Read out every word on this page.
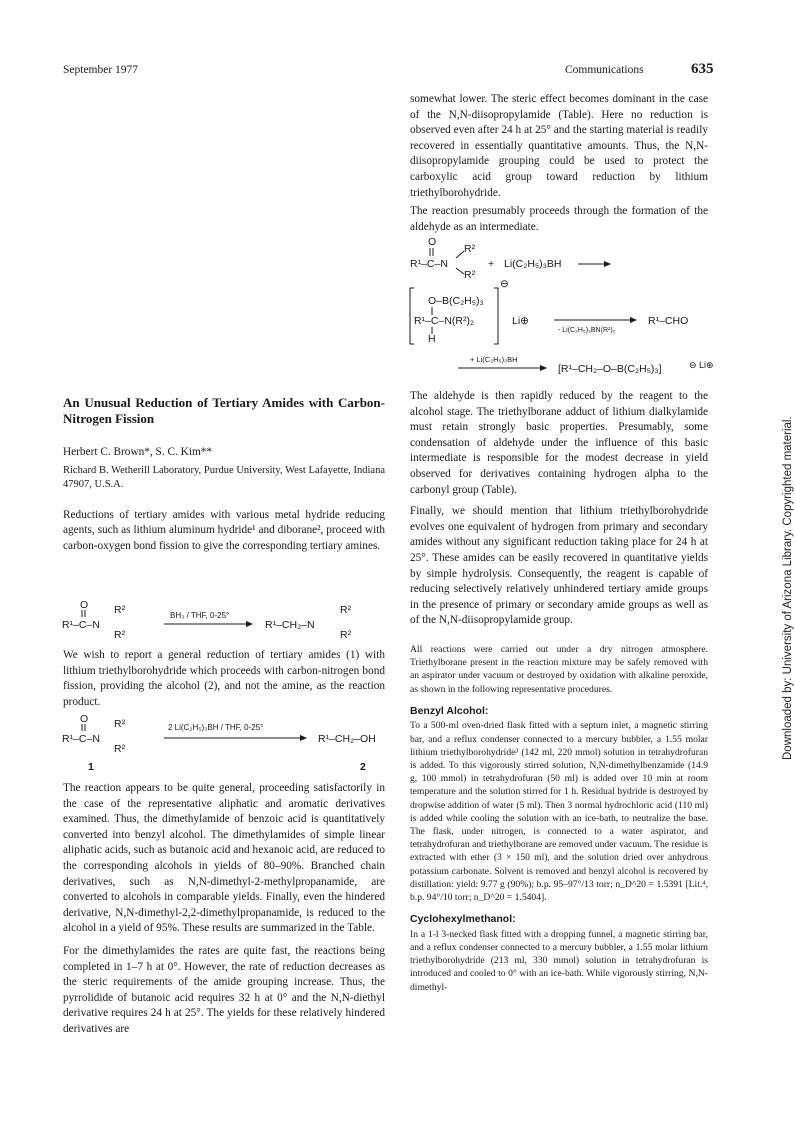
September 1977	Communications	635
Downloaded by: University of Arizona Library. Copyrighted material.

somewhat lower. The steric effect becomes dominant in the case of the N,N-diisopropylamide (Table). Here no reduction is observed even after 24 h at 25° and the starting material is readily recovered in essentially quantitative amounts. Thus, the N,N-diisopropylamide grouping could be used to protect the carboxylic acid group toward reduction by lithium triethylborohydride.

The reaction presumably proceeds through the formation of the aldehyde as an intermediate.

O
R¹–C–N
R²
R²
+ Li(C₂H₅)₃BH
⊖
O–B(C₂H₅)₃
R¹–C–N(R²)₂
H
Li⊕
- Li(C₂H₅)₃BN(R²)₂
R¹–CHO
+ Li(C₂H₅)₃BH
[R¹–CH₂–O–B(C₂H₅)₃]	⊖ Li⊕

The aldehyde is then rapidly reduced by the reagent to the alcohol stage. The triethylborane adduct of lithium dialkylamide must retain strongly basic properties. Presumably, some condensation of aldehyde under the influence of this basic intermediate is responsible for the modest decrease in yield observed for derivatives containing hydrogen alpha to the carbonyl group (Table).

Finally, we should mention that lithium triethylborohydride evolves one equivalent of hydrogen from primary and secondary amides without any significant reduction taking place for 24 h at 25°. These amides can be easily recovered in quantitative yields by simple hydrolysis. Consequently, the reagent is capable of reducing selectively relatively unhindered tertiary amide groups in the presence of primary or secondary amide groups as well as of the N,N-diisopropylamide group.

All reactions were carried out under a dry nitrogen atmosphere. Triethylborane present in the reaction mixture may be safely removed with an aspirator under vacuum or destroyed by oxidation with alkaline peroxide, as shown in the following representative procedures.

Benzyl Alcohol:

To a 500-ml oven-dried flask fitted with a septum inlet, a magnetic stirring bar, and a reflux condenser connected to a mercury bubbler, a 1.55 molar lithium triethylborohydride³ (142 ml, 220 mmol) solution in tetrahydrofuran is added. To this vigorously stirred solution, N,N-dimethylbenzamide (14.9 g, 100 mmol) in tetrahydrofuran (50 ml) is added over 10 min at room temperature and the solution stirred for 1 h. Residual hydride is destroyed by dropwise addition of water (5 ml). Then 3 normal hydrochloric acid (110 ml) is added while cooling the solution with an ice-bath, to neutralize the base. The flask, under nitrogen, is connected to a water aspirator, and tetrahydrofuran and triethylborane are removed under vacuum. The residue is extracted with ether (3 × 150 ml), and the solution dried over anhydrous potassium carbonate. Solvent is removed and benzyl alcohol is recovered by distillation: yield: 9.77 g (90%); b.p. 95–97°/13 torr; n_D^20 = 1.5391 [Lit.⁴, b.p. 94°/10 torr; n_D^20 = 1.5404].

Cyclohexylmethanol:

In a 1-l 3-necked flask fitted with a dropping funnel, a magnetic stirring bar, and a reflux condenser connected to a mercury bubbler, a 1.55 molar lithium triethylborohydride (213 ml, 330 mmol) solution in tetrahydrofuran is introduced and cooled to 0° with an ice-bath. While vigorously stirring, N,N-dimethyl-

An Unusual Reduction of Tertiary Amides with Carbon-Nitrogen Fission
Herbert C. Brown*, S. C. Kim**
Richard B. Wetherill Laboratory, Purdue University, West Lafayette, Indiana 47907, U.S.A.

Reductions of tertiary amides with various metal hydride reducing agents, such as lithium aluminum hydride¹ and diborane², proceed with carbon-oxygen bond fission to give the corresponding tertiary amines.

O
R¹–C–N
R²
R²
BH₃ / THF, 0-25°
R¹–CH₂–N
R²
R²

We wish to report a general reduction of tertiary amides (1) with lithium triethylborohydride which proceeds with carbon-nitrogen bond fission, providing the alcohol (2), and not the amine, as the reaction product.

O
R¹–C–N
R²
R²
2 Li(C₂H₅)₃BH / THF, 0-25°
R¹–CH₂–OH
1	2

The reaction appears to be quite general, proceeding satisfactorily in the case of the representative aliphatic and aromatic derivatives examined. Thus, the dimethylamide of benzoic acid is quantitatively converted into benzyl alcohol. The dimethylamides of simple linear aliphatic acids, such as butanoic acid and hexanoic acid, are reduced to the corresponding alcohols in yields of 80–90%. Branched chain derivatives, such as N,N-dimethyl-2-methylpropanamide, are converted to alcohols in comparable yields. Finally, even the hindered derivative, N,N-dimethyl-2,2-dimethylpropanamide, is reduced to the alcohol in a yield of 95%. These results are summarized in the Table.

For the dimethylamides the rates are quite fast, the reactions being completed in 1–7 h at 0°. However, the rate of reduction decreases as the steric requirements of the amide grouping increase. Thus, the pyrrolidide of butanoic acid requires 32 h at 0° and the N,N-diethyl derivative requires 24 h at 25°. The yields for these relatively hindered derivatives are
